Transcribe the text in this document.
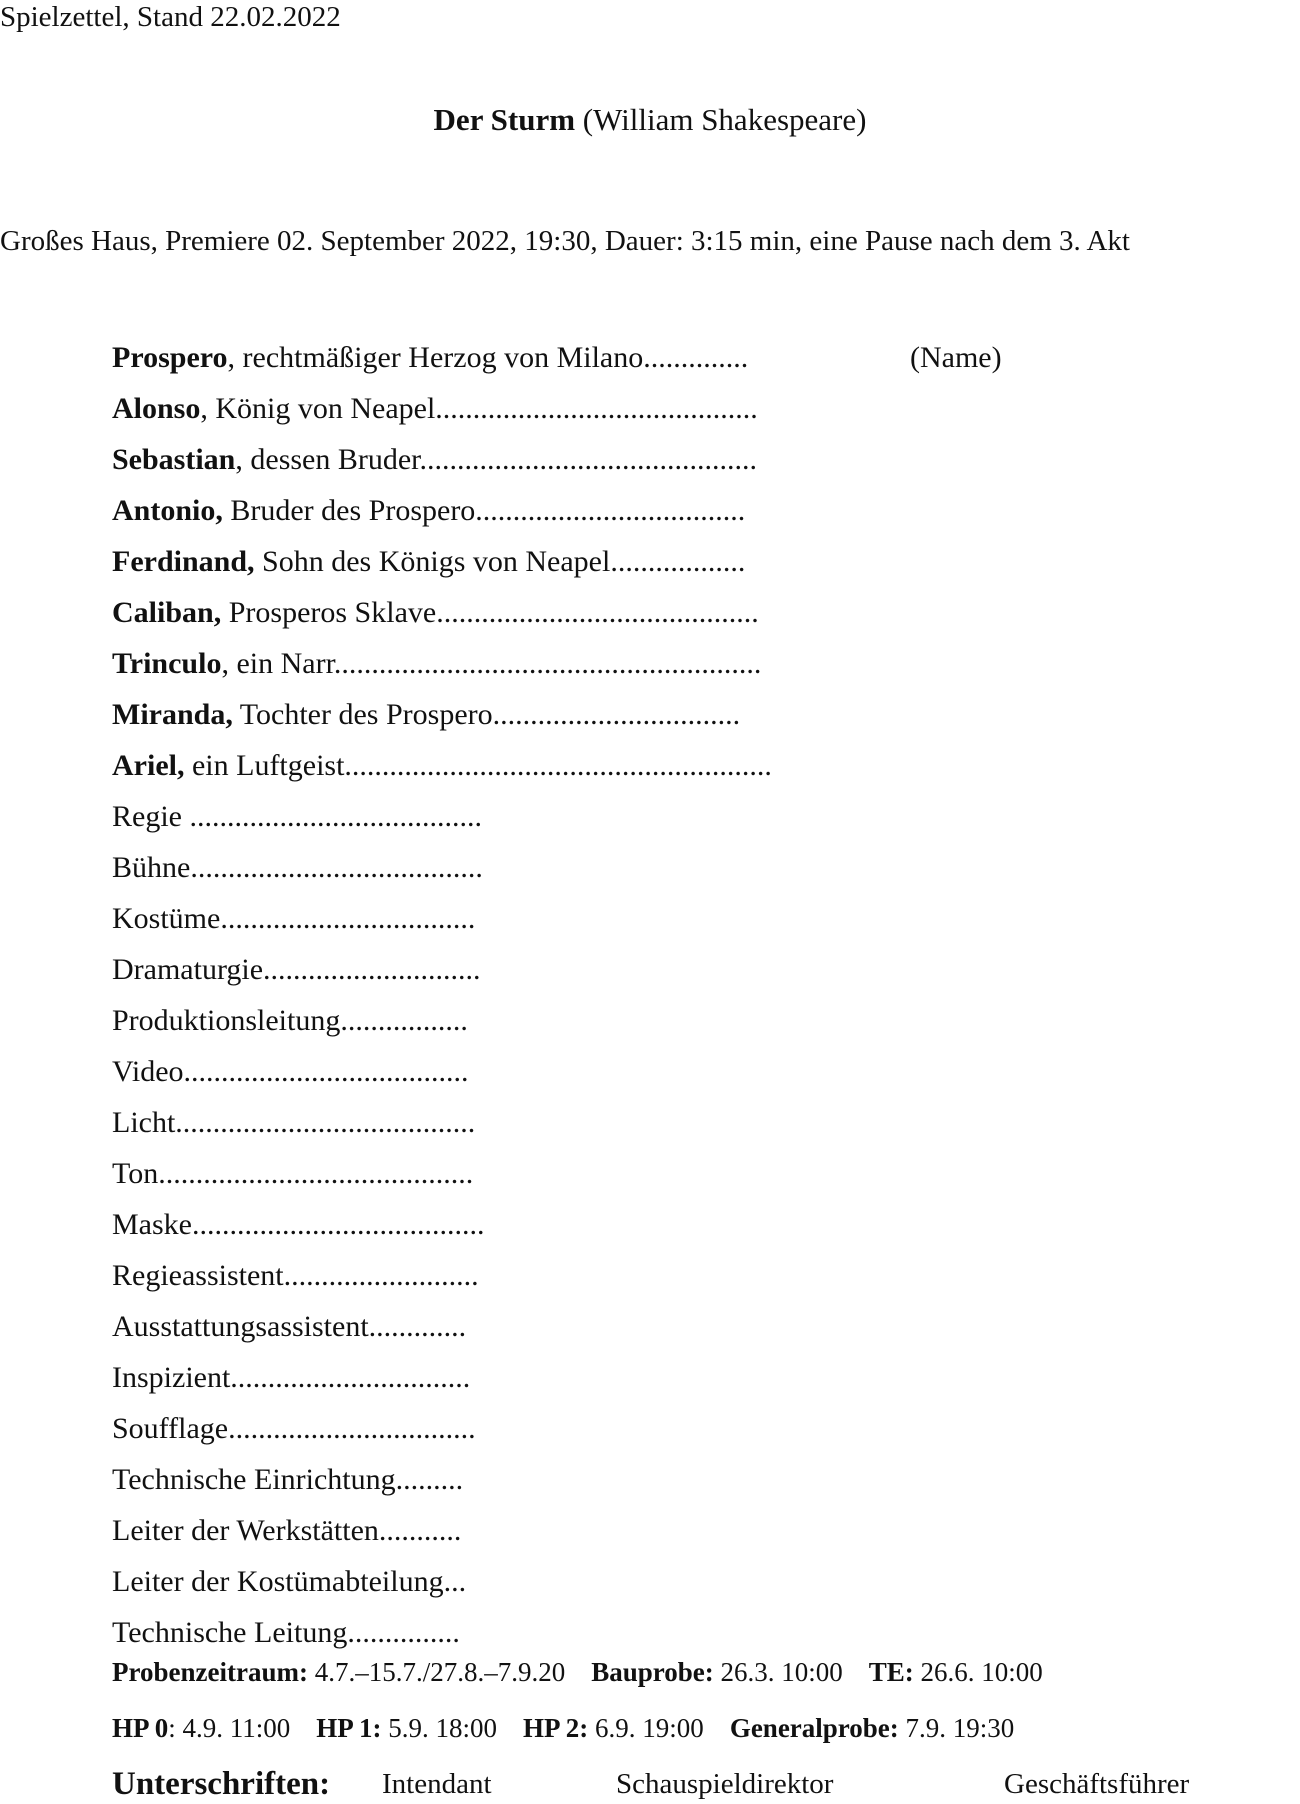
Spielzettel, Stand 22.02.2022
Der Sturm (William Shakespeare)
Großes Haus, Premiere 02. September 2022, 19:30, Dauer: 3:15 min, eine Pause nach dem 3. Akt
Prospero, rechtmäßiger Herzog von Milano..............	(Name)
Alonso, König von Neapel...........................................
Sebastian, dessen Bruder.............................................
Antonio, Bruder des Prospero....................................
Ferdinand, Sohn des Königs von Neapel..................
Caliban, Prosperos Sklave...........................................
Trinculo, ein Narr.........................................................
Miranda, Tochter des Prospero.................................
Ariel, ein Luftgeist.........................................................
Regie .......................................
Bühne.......................................
Kostüme..................................
Dramaturgie.............................
Produktionsleitung.................
Video......................................
Licht........................................
Ton..........................................
Maske.......................................
Regieassistent..........................
Ausstattungsassistent.............
Inspizient................................
Soufflage.................................
Technische Einrichtung.........
Leiter der Werkstätten...........
Leiter der Kostümabteilung...
Technische Leitung...............
Probenzeitraum: 4.7.–15.7./27.8.–7.9.20 Bauprobe: 26.3. 10:00 TE: 26.6. 10:00
HP 0: 4.9. 11:00 HP 1: 5.9. 18:00 HP 2: 6.9. 19:00 Generalprobe: 7.9. 19:30
Unterschriften: Intendant	Schauspieldirektor	Geschäftsführer
